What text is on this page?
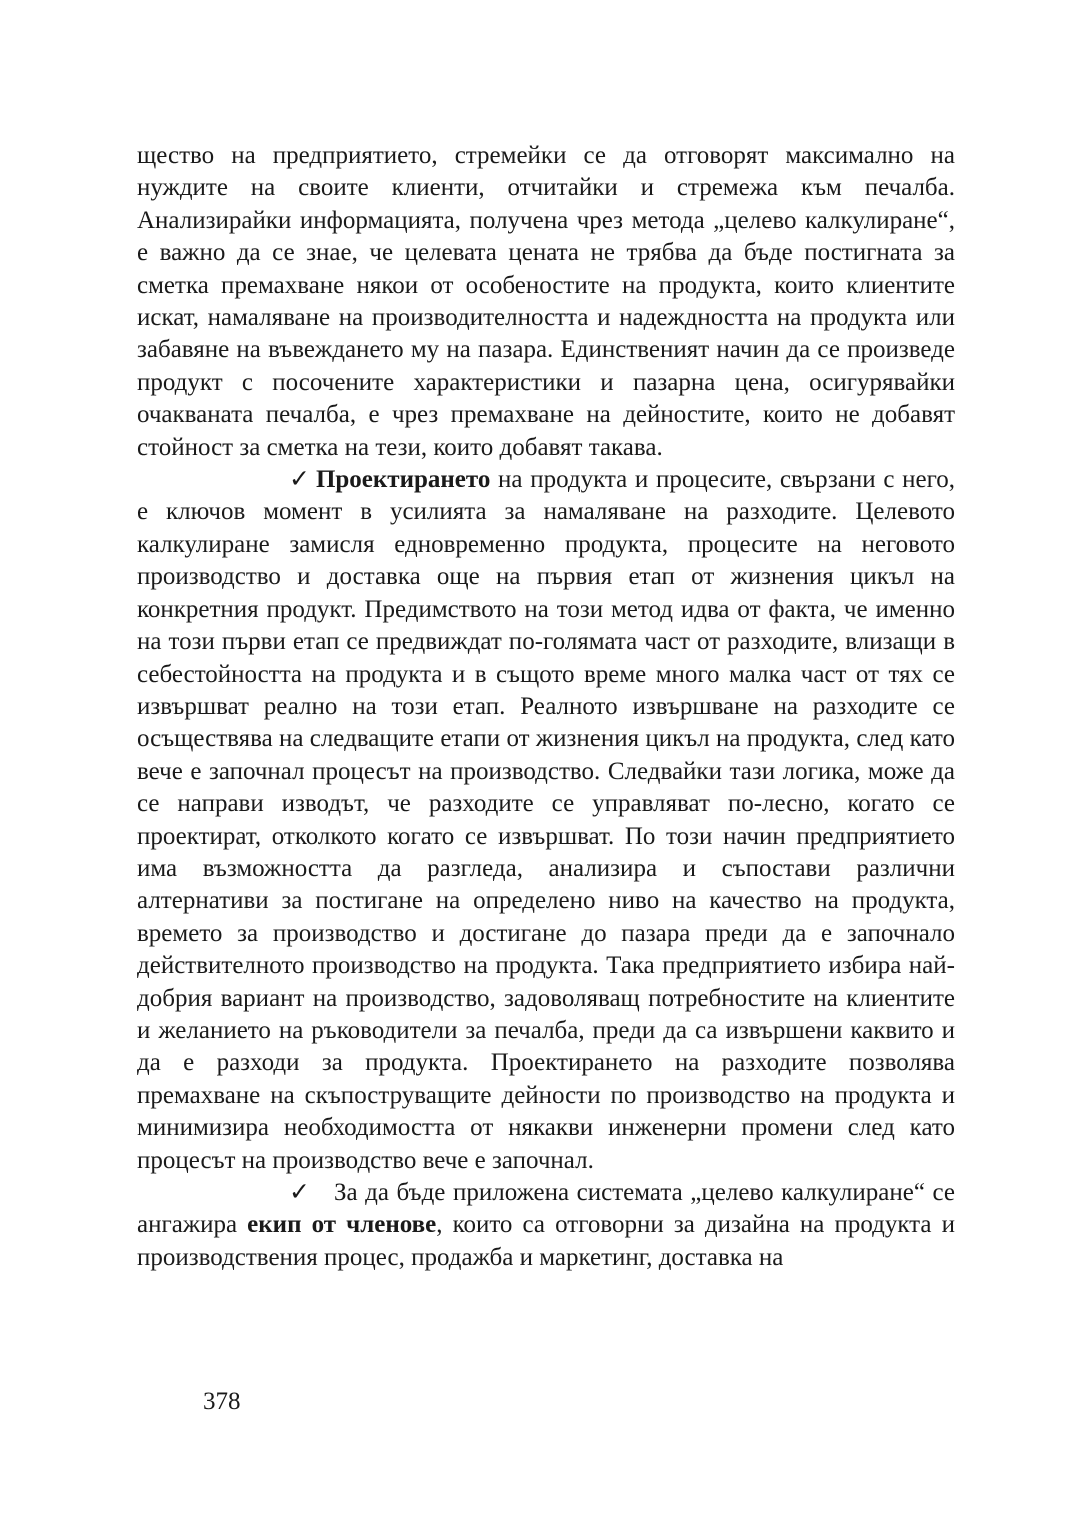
щество на предприятието, стремейки се да отговорят максимално на нуждите на своите клиенти, отчитайки и стремежа към печалба. Анализирайки информацията, получена чрез метода „целево калкулиране“, е важно да се знае, че целевата цената не трябва да бъде постигната за сметка премахване някои от особеностите на продукта, които клиентите искат, намаляване на производителността и надеждността на продукта или забавяне на въвеждането му на пазара. Единственият начин да се произведе продукт с посочените характеристики и пазарна цена, осигурявайки очакваната печалба, е чрез премахване на дейностите, които не добавят стойност за сметка на тези, които добавят такава.

✓ Проектирането на продукта и процесите, свързани с него, е ключов момент в усилията за намаляване на разходите. Целевото калкулиране замисля едновременно продукта, процесите на неговото производство и доставка още на първия етап от жизнения цикъл на конкретния продукт. Предимството на този метод идва от факта, че именно на този първи етап се предвиждат по-голямата част от разходите, влизащи в себестойността на продукта и в същото време много малка част от тях се извършват реално на този етап. Реалното извършване на разходите се осъществява на следващите етапи от жизнения цикъл на продукта, след като вече е започнал процесът на производство. Следвайки тази логика, може да се направи изводът, че разходите се управляват по-лесно, когато се проектират, отколкото когато се извършват. По този начин предприятието има възможността да разгледа, анализира и съпостави различни алтернативи за постигане на определено ниво на качество на продукта, времето за производство и достигане до пазара преди да е започнало действителното производство на продукта. Така предприятието избира найдобрия вариант на производство, задоволяващ потребностите на клиентите и желанието на ръководители за печалба, преди да са извършени каквито и да е разходи за продукта. Проектирането на разходите позволява премахване на скъпоструващите дейности по производство на продукта и минимизира необходимостта от някакви инженерни промени след като процесът на производство вече е започнал.

✓ За да бъде приложена системата „целево калкулиране“ се ангажира екип от членове, които са отговорни за дизайна на продукта и производствения процес, продажба и маркетинг, доставка на

378
